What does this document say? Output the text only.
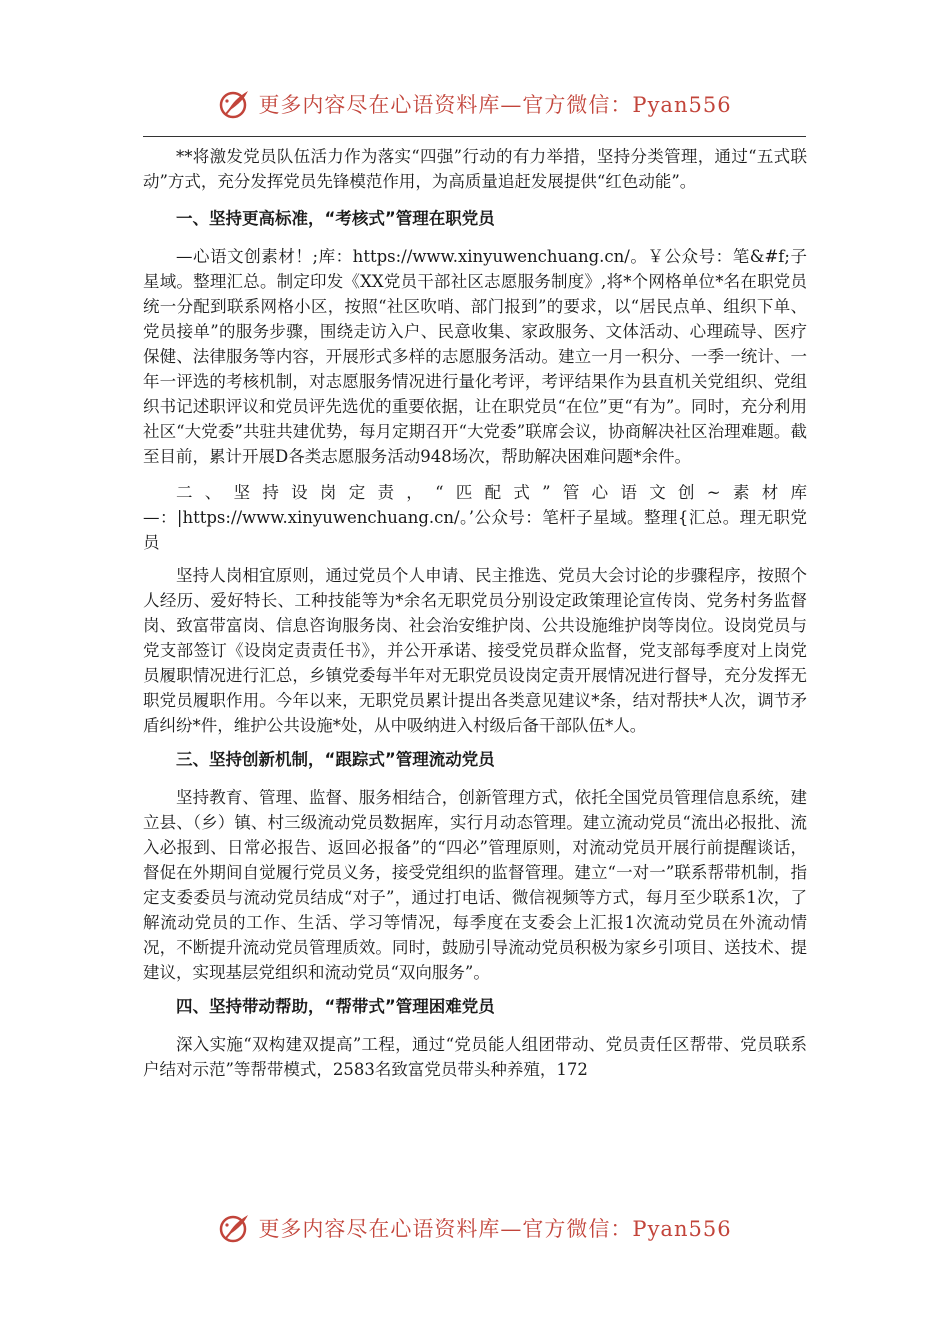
更多内容尽在心语资料库—官方微信：Pyan556

**将激发党员队伍活力作为落实“四强”行动的有力举措，坚持分类管理，通过“五式联动”方式，充分发挥党员先锋模范作用，为高质量追赶发展提供“红色动能”。

一、坚持更高标准，“考核式”管理在职党员

—心语文创素材！;库：https://www.xinyuwenchuang.cn/。￥公众号：笔&#f;子星域。整理汇总。制定印发《XX党员干部社区志愿服务制度》,将*个网格单位*名在职党员统一分配到联系网格小区，按照“社区吹哨、部门报到”的要求，以“居民点单、组织下单、党员接单”的服务步骤，围绕走访入户、民意收集、家政服务、文体活动、心理疏导、医疗保健、法律服务等内容，开展形式多样的志愿服务活动。建立一月一积分、一季一统计、一年一评选的考核机制，对志愿服务情况进行量化考评，考评结果作为县直机关党组织、党组织书记述职评议和党员评先选优的重要依据，让在职党员“在位”更“有为”。同时，充分利用社区“大党委”共驻共建优势，每月定期召开“大党委”联席会议，协商解决社区治理难题。截至目前，累计开展D各类志愿服务活动948场次，帮助解决困难问题*余件。

二、坚持设岗定责，“匹配式”管心语文创~素材库—：|https://www.xinyuwenchuang.cn/。’公众号：笔杆子星域。整理{汇总。理无职党员

坚持人岗相宜原则，通过党员个人申请、民主推选、党员大会讨论的步骤程序，按照个人经历、爱好特长、工种技能等为*余名无职党员分别设定政策理论宣传岗、党务村务监督岗、致富带富岗、信息咨询服务岗、社会治安维护岗、公共设施维护岗等岗位。设岗党员与党支部签订《设岗定责责任书》，并公开承诺、接受党员群众监督，党支部每季度对上岗党员履职情况进行汇总，乡镇党委每半年对无职党员设岗定责开展情况进行督导，充分发挥无职党员履职作用。今年以来，无职党员累计提出各类意见建议*条，结对帮扶*人次，调节矛盾纠纷*件，维护公共设施*处，从中吸纳进入村级后备干部队伍*人。

三、坚持创新机制，“跟踪式”管理流动党员

坚持教育、管理、监督、服务相结合，创新管理方式，依托全国党员管理信息系统，建立县、（乡）镇、村三级流动党员数据库，实行月动态管理。建立流动党员“流出必报批、流入必报到、日常必报告、返回必报备”的“四必”管理原则，对流动党员开展行前提醒谈话，督促在外期间自觉履行党员义务，接受党组织的监督管理。建立“一对一”联系帮带机制，指定支委委员与流动党员结成“对子”，通过打电话、微信视频等方式，每月至少联系1次，了解流动党员的工作、生活、学习等情况，每季度在支委会上汇报1次流动党员在外流动情况，不断提升流动党员管理质效。同时，鼓励引导流动党员积极为家乡引项目、送技术、提建议，实现基层党组织和流动党员“双向服务”。

四、坚持带动帮助，“帮带式”管理困难党员

深入实施“双构建双提高”工程，通过“党员能人组团带动、党员责任区帮带、党员联系户结对示范”等帮带模式，2583名致富党员带头种养殖，172

更多内容尽在心语资料库—官方微信：Pyan556
